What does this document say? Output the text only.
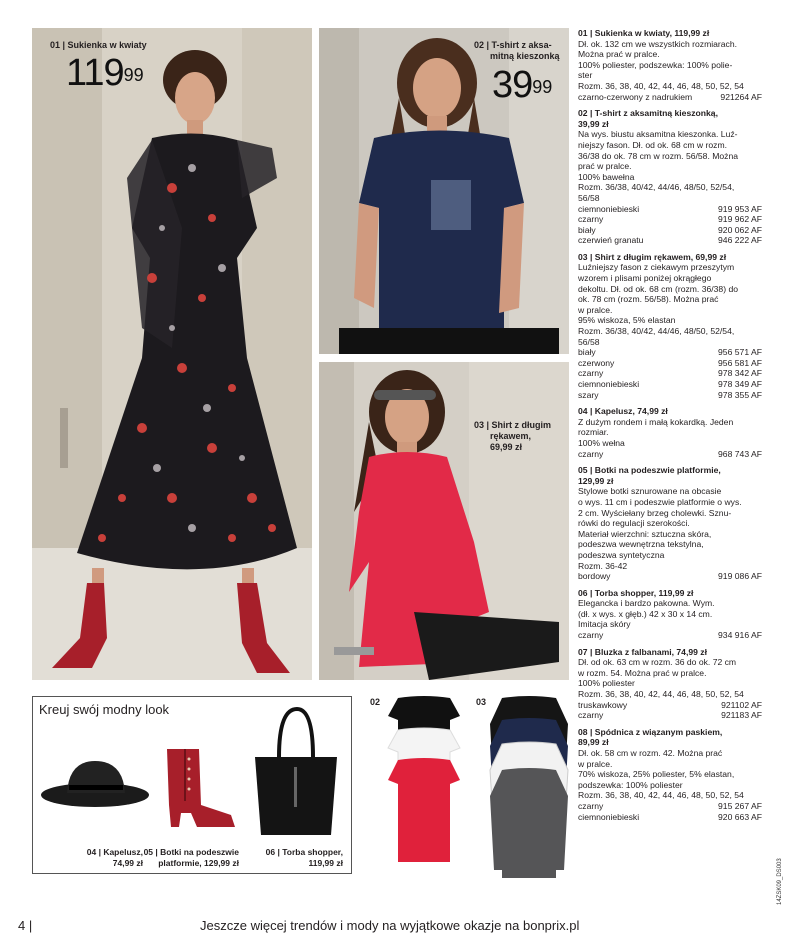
01 | Sukienka w kwiaty
$119^{99}$
02 | T-shirt z aksa-
mitną kieszonką
$39^{99}$
03 | Shirt z długim
rękawem,
69,99 zł
01 | Sukienka w kwiaty, 119,99 zł
Dł. ok. 132 cm we wszystkich rozmiarach.
Można prać w pralce.
100% poliester, podszewka: 100% polie-
ster
Rozm. 36, 38, 40, 42, 44, 46, 48, 50, 52, 54
czarno-czerwony z nadrukiem	921264 AF
02 | T-shirt z aksamitną kieszonką,
39,99 zł
Na wys. biustu aksamitna kieszonka. Luź-
niejszy fason. Dł. od ok. 68 cm w rozm.
36/38 do ok. 78 cm w rozm. 56/58. Można
prać w pralce.
100% bawełna
Rozm. 36/38, 40/42, 44/46, 48/50, 52/54,
56/58
ciemnoniebieski	919 953 AF
czarny	919 962 AF
biały	920 062 AF
czerwień granatu	946 222 AF
03 | Shirt z długim rękawem, 69,99 zł
Luźniejszy fason z ciekawym przeszytym
wzorem i plisami poniżej okrągłego
dekoltu. Dł. od ok. 68 cm (rozm. 36/38) do
ok. 78 cm (rozm. 56/58). Można prać
w pralce.
95% wiskoza, 5% elastan
Rozm. 36/38, 40/42, 44/46, 48/50, 52/54,
56/58
biały	956 571 AF
czerwony	956 581 AF
czarny	978 342 AF
ciemnoniebieski	978 349 AF
szary	978 355 AF
04 | Kapelusz, 74,99 zł
Z dużym rondem i małą kokardką. Jeden
rozmiar.
100% wełna
czarny	968 743 AF
05 | Botki na podeszwie platformie,
129,99 zł
Stylowe botki sznurowane na obcasie
o wys. 11 cm i podeszwie platformie o wys.
2 cm. Wyściełany brzeg cholewki. Sznu-
rówki do regulacji szerokości.
Materiał wierzchni: sztuczna skóra,
podeszwa wewnętrzna tekstylna,
podeszwa syntetyczna
Rozm. 36-42
bordowy	919 086 AF
06 | Torba shopper, 119,99 zł
Elegancka i bardzo pakowna. Wym.
(dł. x wys. x głęb.) 42 x 30 x 14 cm.
Imitacja skóry
czarny	934 916 AF
07 | Bluzka z falbanami, 74,99 zł
Dł. od ok. 63 cm w rozm. 36 do ok. 72 cm
w rozm. 54. Można prać w pralce.
100% poliester
Rozm. 36, 38, 40, 42, 44, 46, 48, 50, 52, 54
truskawkowy	921102 AF
czarny	921183 AF
08 | Spódnica z wiązanym paskiem,
89,99 zł
Dł. ok. 58 cm w rozm. 42. Można prać
w pralce.
70% wiskoza, 25% poliester, 5% elastan,
podszewka: 100% poliester
Rozm. 36, 38, 40, 42, 44, 46, 48, 50, 52, 54
czarny	915 267 AF
ciemnoniebieski	920 663 AF
Kreuj swój modny look
04 | Kapelusz,
74,99 zł
05 | Botki na podeszwie
platformie, 129,99 zł
06 | Torba shopper,
119,99 zł
02	03
4 |	Jeszcze więcej trendów i mody na wyjątkowe okazje na bonprix.pl
14ZSK09_DS003
